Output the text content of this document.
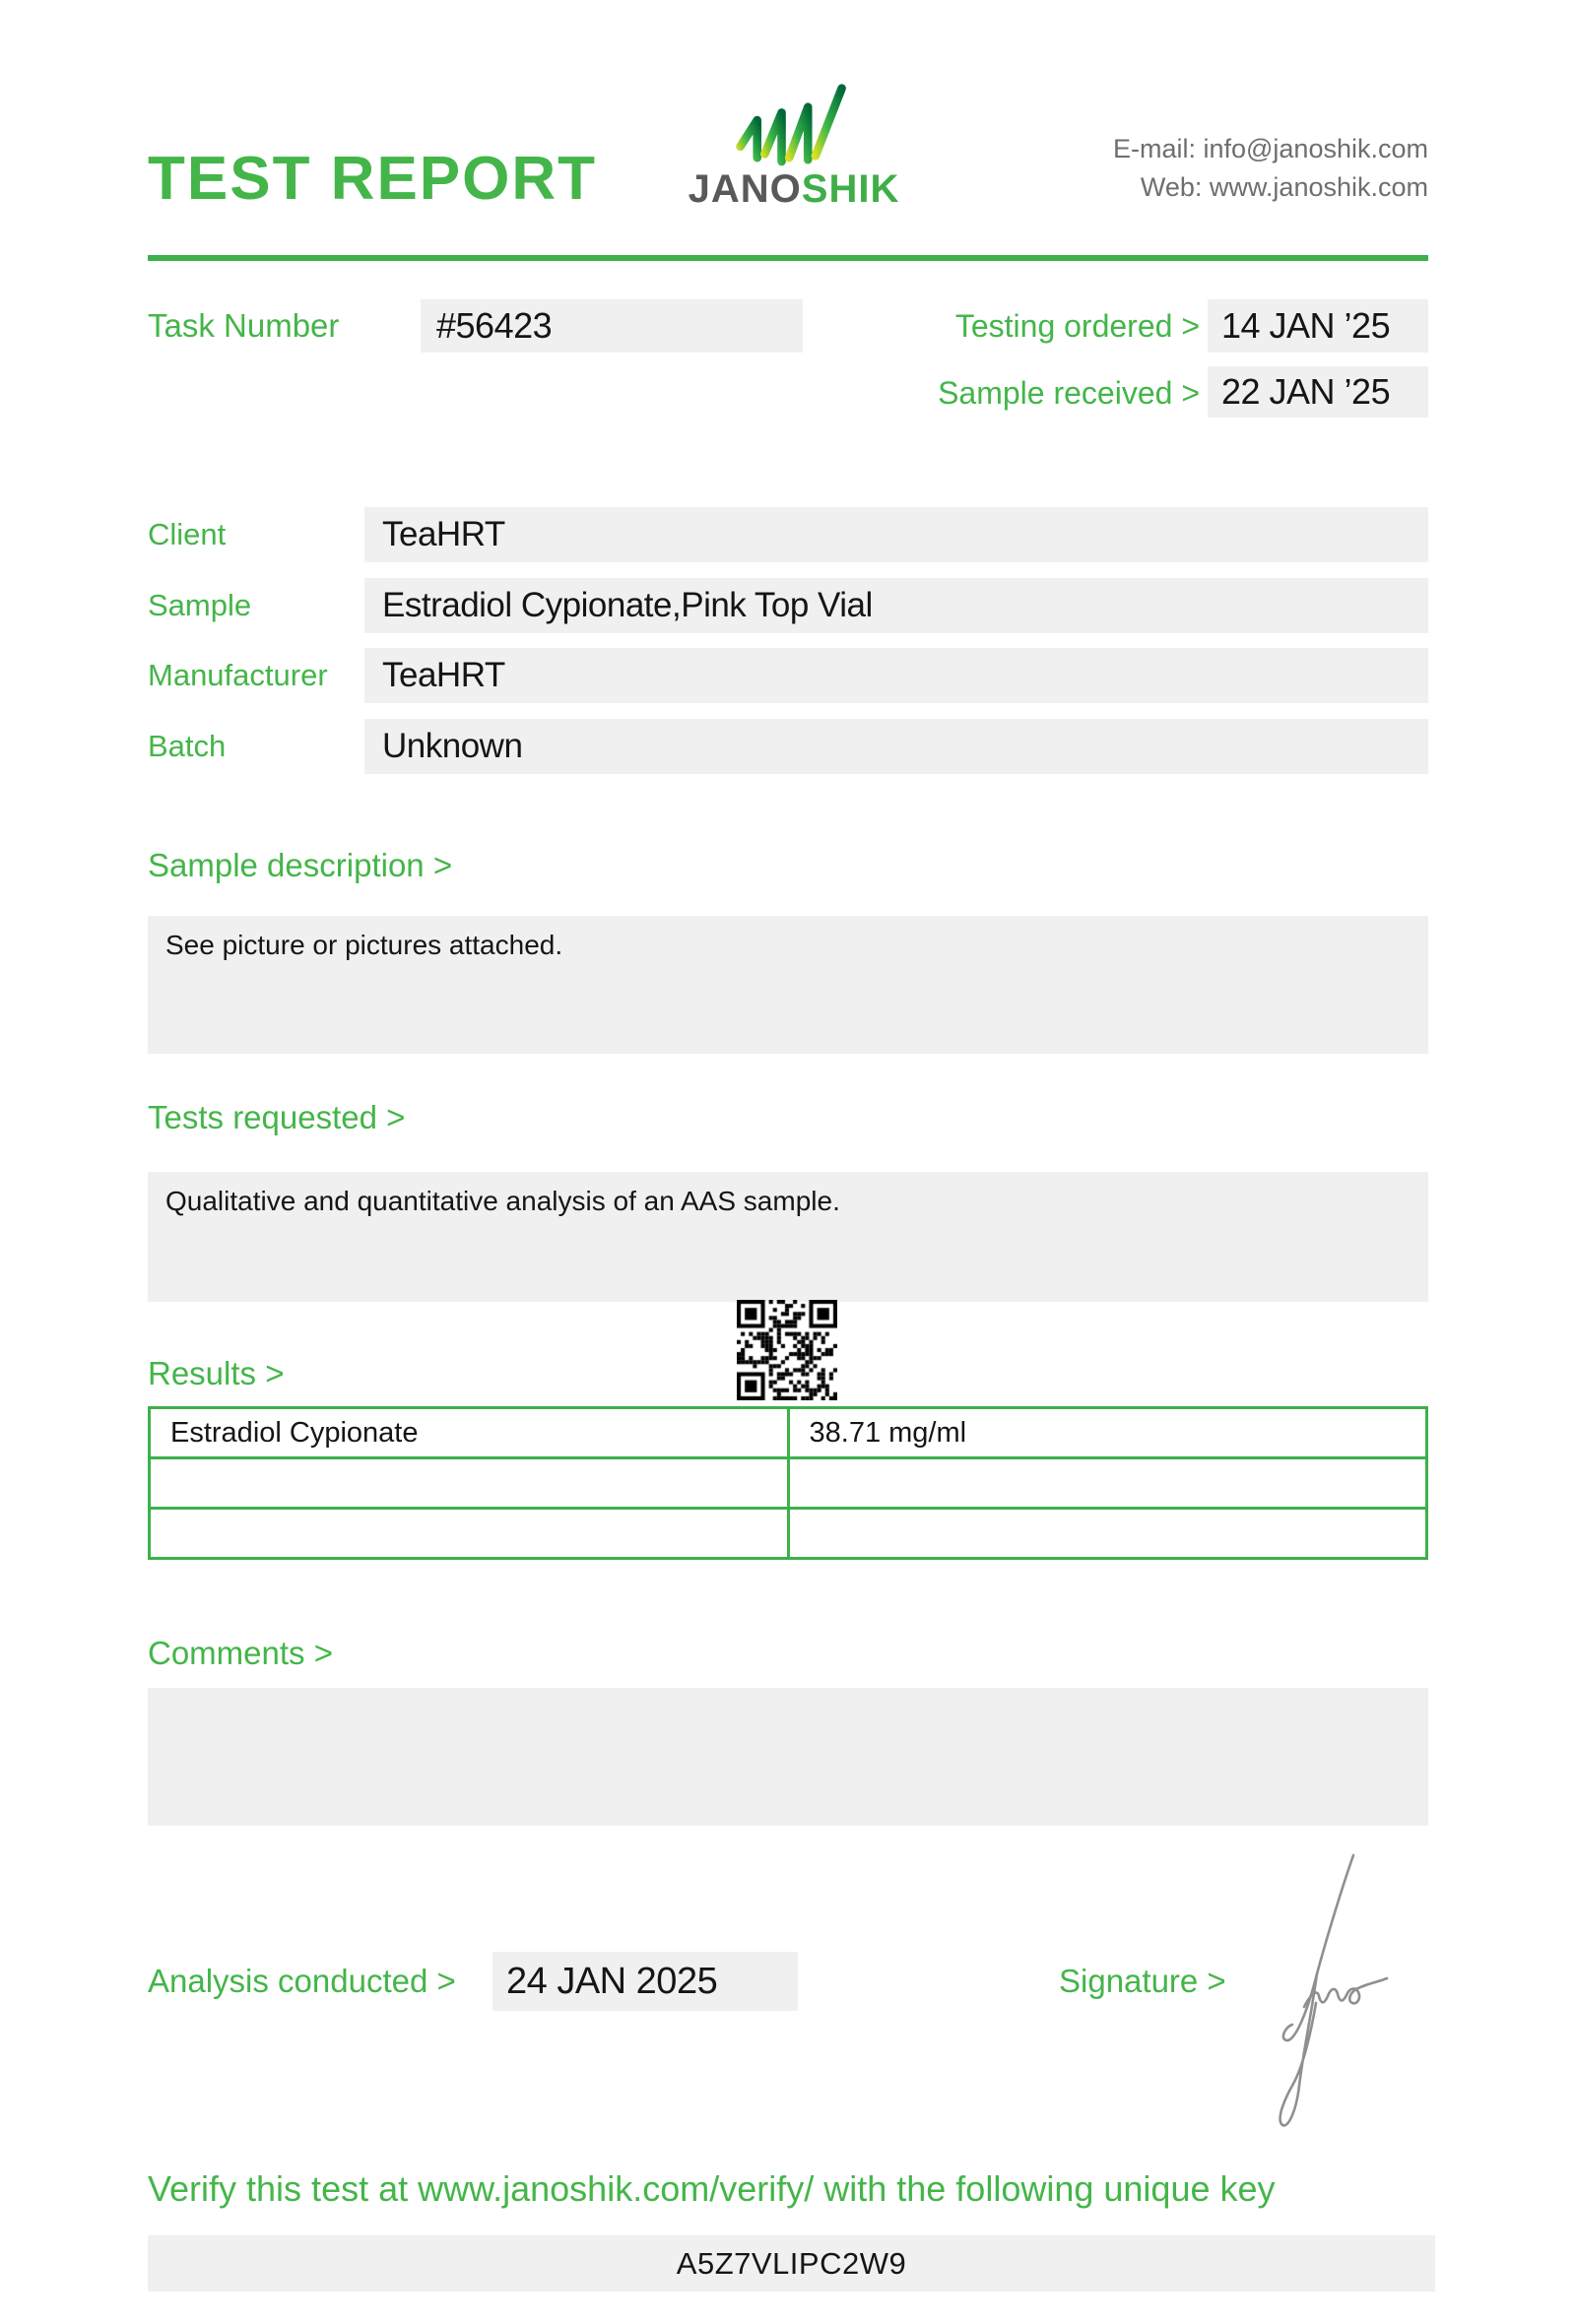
TEST REPORT JANOSHIK
E-mail: info@janoshik.com
Web: www.janoshik.com
Task Number	#56423	Testing ordered > 14 JAN ’25
Sample received > 22 JAN ’25
Client	TeaHRT
Sample	Estradiol Cypionate,Pink Top Vial
Manufacturer	TeaHRT
Batch	Unknown
Sample description >
See picture or pictures attached.
Tests requested >
Qualitative and quantitative analysis of an AAS sample.
Results >
Estradiol Cypionate	38.71 mg/ml

Comments >
Analysis conducted >	24 JAN 2025	Signature >
Verify this test at www.janoshik.com/verify/ with the following unique key
A5Z7VLIPC2W9
